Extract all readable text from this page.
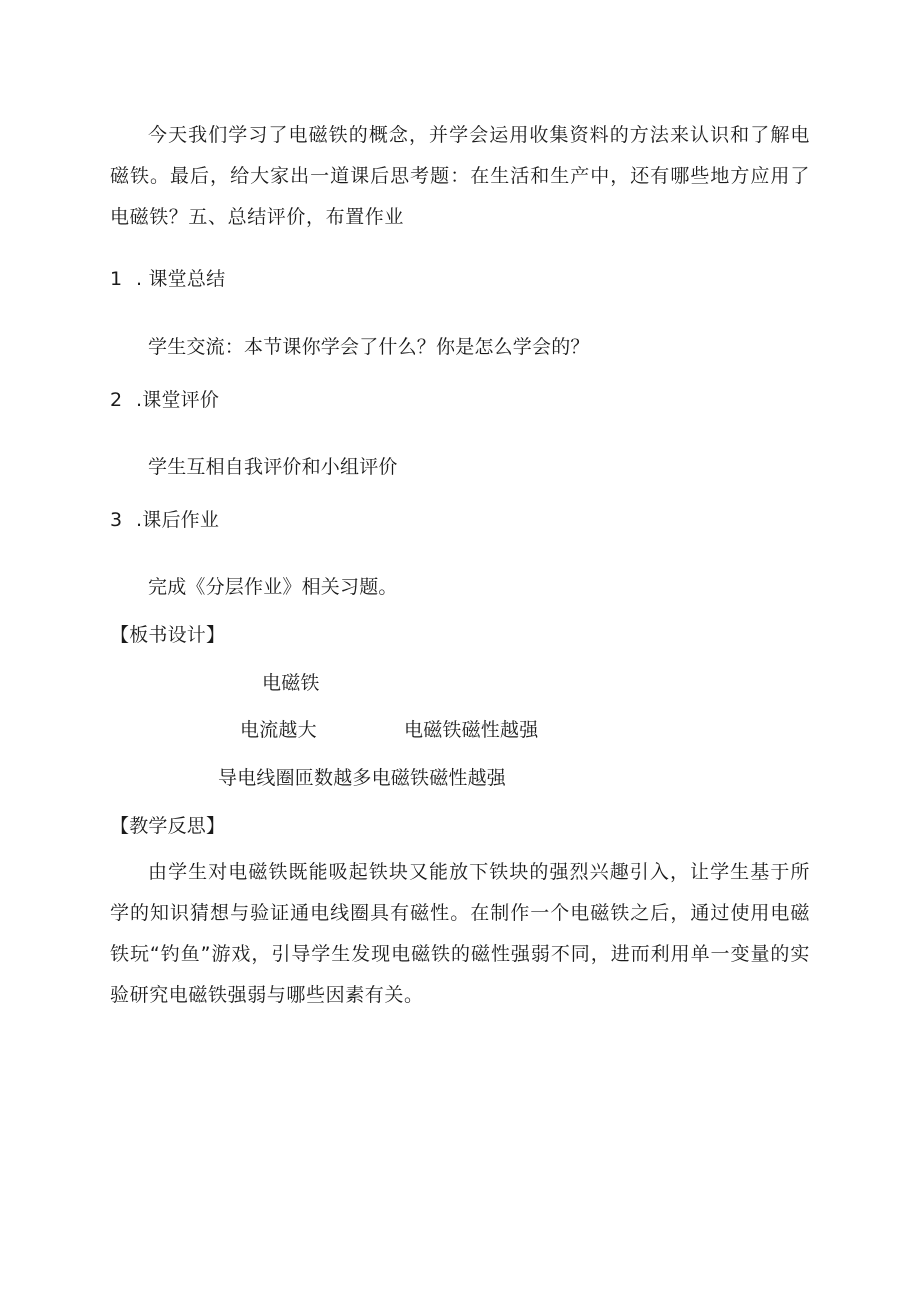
今天我们学习了电磁铁的概念，并学会运用收集资料的方法来认识和了解电磁铁。最后，给大家出一道课后思考题：在生活和生产中，还有哪些地方应用了电磁铁？五、总结评价，布置作业
1 . 课堂总结
学生交流：本节课你学会了什么？你是怎么学会的？
2 .课堂评价
学生互相自我评价和小组评价
3 .课后作业
完成《分层作业》相关习题。
【板书设计】
电磁铁
电流越大	电磁铁磁性越强
导电线圈匝数越多电磁铁磁性越强
【教学反思】
由学生对电磁铁既能吸起铁块又能放下铁块的强烈兴趣引入，让学生基于所学的知识猜想与验证通电线圈具有磁性。在制作一个电磁铁之后，通过使用电磁铁玩“钓鱼”游戏，引导学生发现电磁铁的磁性强弱不同，进而利用单一变量的实验研究电磁铁强弱与哪些因素有关。
